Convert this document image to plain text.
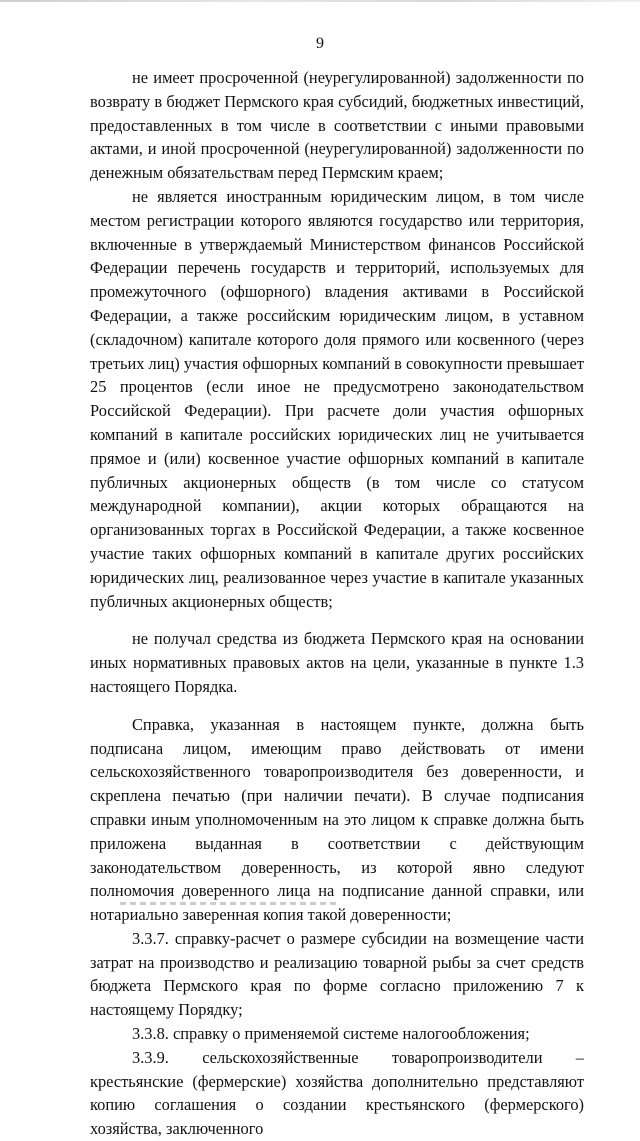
9

не имеет просроченной (неурегулированной) задолженности по возврату в бюджет Пермского края субсидий, бюджетных инвестиций, предоставленных в том числе в соответствии с иными правовыми актами, и иной просроченной (неурегулированной) задолженности по денежным обязательствам перед Пермским краем;

не является иностранным юридическим лицом, в том числе местом регистрации которого являются государство или территория, включенные в утверждаемый Министерством финансов Российской Федерации перечень государств и территорий, используемых для промежуточного (офшорного) владения активами в Российской Федерации, а также российским юридическим лицом, в уставном (складочном) капитале которого доля прямого или косвенного (через третьих лиц) участия офшорных компаний в совокупности превышает 25 процентов (если иное не предусмотрено законодательством Российской Федерации). При расчете доли участия офшорных компаний в капитале российских юридических лиц не учитывается прямое и (или) косвенное участие офшорных компаний в капитале публичных акционерных обществ (в том числе со статусом международной компании), акции которых обращаются на организованных торгах в Российской Федерации, а также косвенное участие таких офшорных компаний в капитале других российских юридических лиц, реализованное через участие в капитале указанных публичных акционерных обществ;

не получал средства из бюджета Пермского края на основании иных нормативных правовых актов на цели, указанные в пункте 1.3 настоящего Порядка.

Справка, указанная в настоящем пункте, должна быть подписана лицом, имеющим право действовать от имени сельскохозяйственного товаропроизводителя без доверенности, и скреплена печатью (при наличии печати). В случае подписания справки иным уполномоченным на это лицом к справке должна быть приложена выданная в соответствии с действующим законодательством доверенность, из которой явно следуют полномочия доверенного лица на подписание данной справки, или нотариально заверенная копия такой доверенности;

3.3.7. справку-расчет о размере субсидии на возмещение части затрат на производство и реализацию товарной рыбы за счет средств бюджета Пермского края по форме согласно приложению 7 к настоящему Порядку;

3.3.8. справку о применяемой системе налогообложения;

3.3.9. сельскохозяйственные товаропроизводители – крестьянские (фермерские) хозяйства дополнительно представляют копию соглашения о создании крестьянского (фермерского) хозяйства, заключенного
